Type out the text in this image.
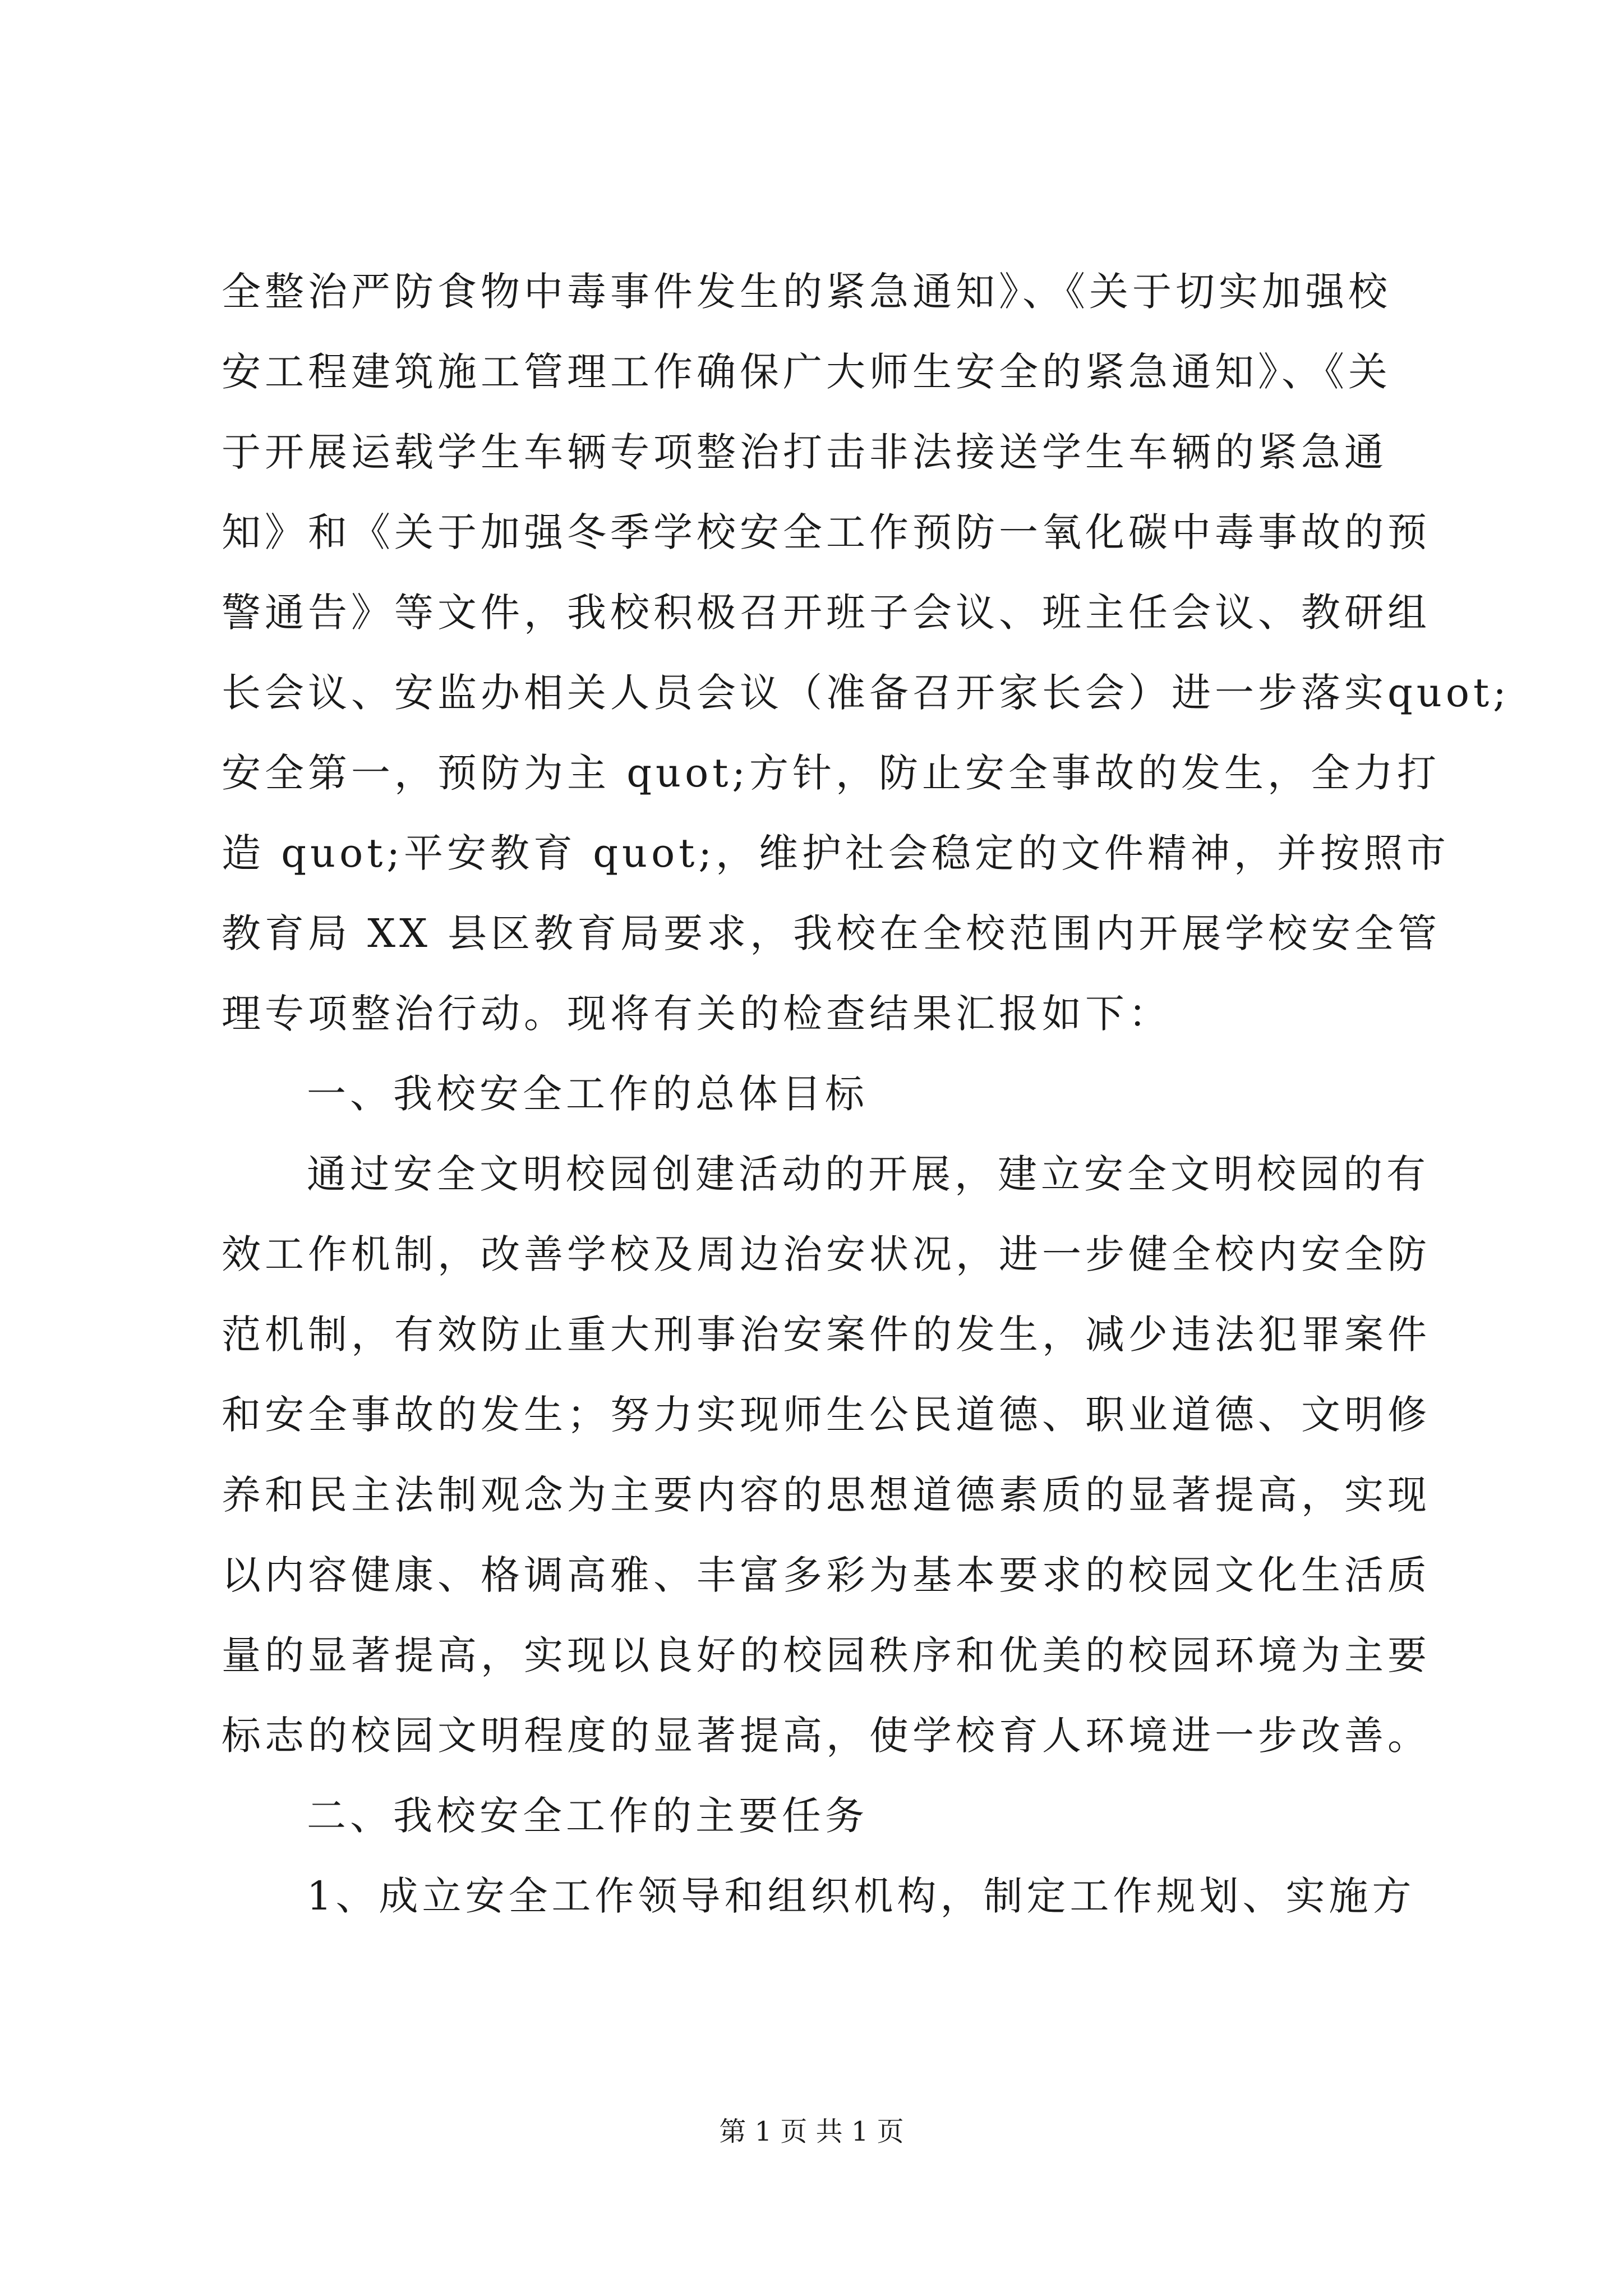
全整治严防食物中毒事件发生的紧急通知》、《关于切实加强校
安工程建筑施工管理工作确保广大师生安全的紧急通知》、《关
于开展运载学生车辆专项整治打击非法接送学生车辆的紧急通
知》和《关于加强冬季学校安全工作预防一氧化碳中毒事故的预
警通告》等文件，我校积极召开班子会议、班主任会议、教研组
长会议、安监办相关人员会议（准备召开家长会）进一步落实quot;
安全第一，预防为主 quot;方针，防止安全事故的发生，全力打
造 quot;平安教育 quot;，维护社会稳定的文件精神，并按照市
教育局 XX 县区教育局要求，我校在全校范围内开展学校安全管
理专项整治行动。现将有关的检查结果汇报如下：
一、我校安全工作的总体目标
通过安全文明校园创建活动的开展，建立安全文明校园的有
效工作机制，改善学校及周边治安状况，进一步健全校内安全防
范机制，有效防止重大刑事治安案件的发生，减少违法犯罪案件
和安全事故的发生；努力实现师生公民道德、职业道德、文明修
养和民主法制观念为主要内容的思想道德素质的显著提高，实现
以内容健康、格调高雅、丰富多彩为基本要求的校园文化生活质
量的显著提高，实现以良好的校园秩序和优美的校园环境为主要
标志的校园文明程度的显著提高，使学校育人环境进一步改善。
二、我校安全工作的主要任务
1、成立安全工作领导和组织机构，制定工作规划、实施方
第 1 页 共 1 页
